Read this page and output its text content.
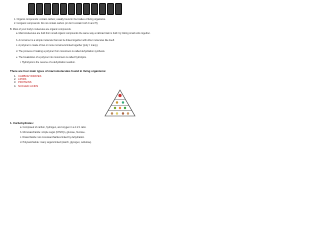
1. Organic compounds: contain carbon; usually found in the bodies of living organisms.
2. Inorganic compounds: Do not contain carbon (or don't contain both C and H).
B. Most of your body's molecules are organic compounds.
a. Macromolecules are built from small organic compounds the same way a railroad train is built: by linking small units together.
b. A monomer is a simple molecule that can be linked together with other molecules like itself.
c. A polymer is made of two or more monomers linked together (poly = many).
d. The process of making a polymer from monomers is called dehydration synthesis.
e. The breakdown of a polymer into monomers is called hydrolysis.
i. Hydrolysis is the reverse of a dehydration reaction.
There are four main types of macromolecules found in living organisms:
1. CARBOHYDRATES
2. LIPIDS
3. PROTEINS
4. NUCLEIC ACIDS
1. Carbohydrates:
a. Composed of carbon, hydrogen, and oxygen in a 1:2:1 ratio.
b. Monosaccharide: simple sugar (CH2O)n, glucose, fructose.
c. Disaccharide: two monosaccharides linked by dehydration.
d. Polysaccharide: many sugars linked (starch, glycogen, cellulose).
